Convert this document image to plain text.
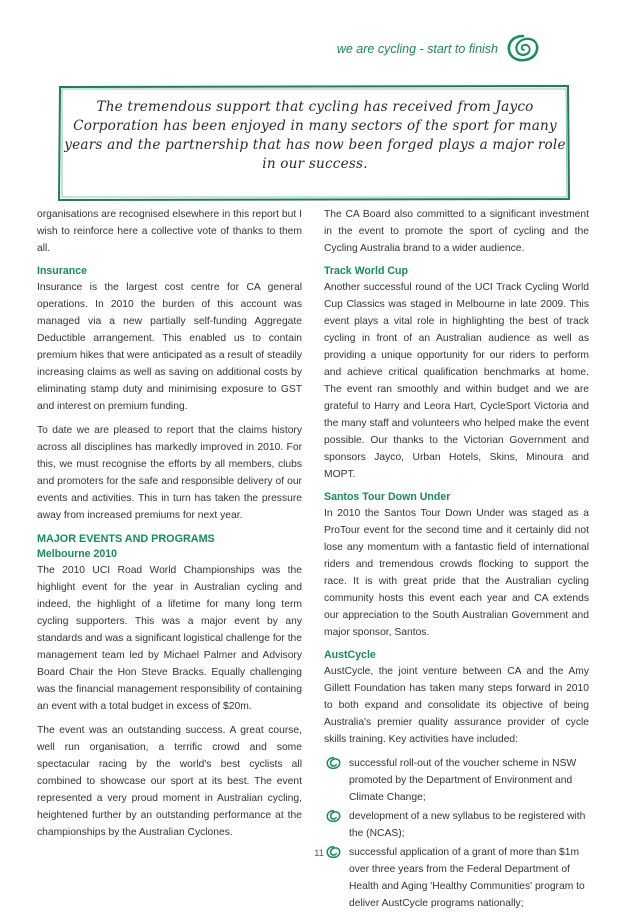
we are cycling - start to finish
The tremendous support that cycling has received from Jayco Corporation has been enjoyed in many sectors of the sport for many years and the partnership that has now been forged plays a major role in our success.

organisations are recognised elsewhere in this report but I wish to reinforce here a collective vote of thanks to them all.

Insurance

Insurance is the largest cost centre for CA general operations. In 2010 the burden of this account was managed via a new partially self-funding Aggregate Deductible arrangement. This enabled us to contain premium hikes that were anticipated as a result of steadily increasing claims as well as saving on additional costs by eliminating stamp duty and minimising exposure to GST and interest on premium funding.

To date we are pleased to report that the claims history across all disciplines has markedly improved in 2010. For this, we must recognise the efforts by all members, clubs and promoters for the safe and responsible delivery of our events and activities. This in turn has taken the pressure away from increased premiums for next year.

MAJOR EVENTS AND PROGRAMS
Melbourne 2010

The 2010 UCI Road World Championships was the highlight event for the year in Australian cycling and indeed, the highlight of a lifetime for many long term cycling supporters. This was a major event by any standards and was a significant logistical challenge for the management team led by Michael Palmer and Advisory Board Chair the Hon Steve Bracks. Equally challenging was the financial management responsibility of containing an event with a total budget in excess of $20m.

The event was an outstanding success. A great course, well run organisation, a terrific crowd and some spectacular racing by the world's best cyclists all combined to showcase our sport at its best. The event represented a very proud moment in Australian cycling, heightened further by an outstanding performance at the championships by the Australian Cyclones.

The CA Board also committed to a significant investment in the event to promote the sport of cycling and the Cycling Australia brand to a wider audience.

Track World Cup

Another successful round of the UCI Track Cycling World Cup Classics was staged in Melbourne in late 2009. This event plays a vital role in highlighting the best of track cycling in front of an Australian audience as well as providing a unique opportunity for our riders to perform and achieve critical qualification benchmarks at home. The event ran smoothly and within budget and we are grateful to Harry and Leora Hart, CycleSport Victoria and the many staff and volunteers who helped make the event possible. Our thanks to the Victorian Government and sponsors Jayco, Urban Hotels, Skins, Minoura and MOPT.

Santos Tour Down Under

In 2010 the Santos Tour Down Under was staged as a ProTour event for the second time and it certainly did not lose any momentum with a fantastic field of international riders and tremendous crowds flocking to support the race. It is with great pride that the Australian cycling community hosts this event each year and CA extends our appreciation to the South Australian Government and major sponsor, Santos.

AustCycle

AustCycle, the joint venture between CA and the Amy Gillett Foundation has taken many steps forward in 2010 to both expand and consolidate its objective of being Australia's premier quality assurance provider of cycle skills training. Key activities have included:

successful roll-out of the voucher scheme in NSW promoted by the Department of Environment and Climate Change;
development of a new syllabus to be registered with the (NCAS);
successful application of a grant of more than $1m over three years from the Federal Department of Health and Aging 'Healthy Communities' program to deliver AustCycle programs nationally;
11
